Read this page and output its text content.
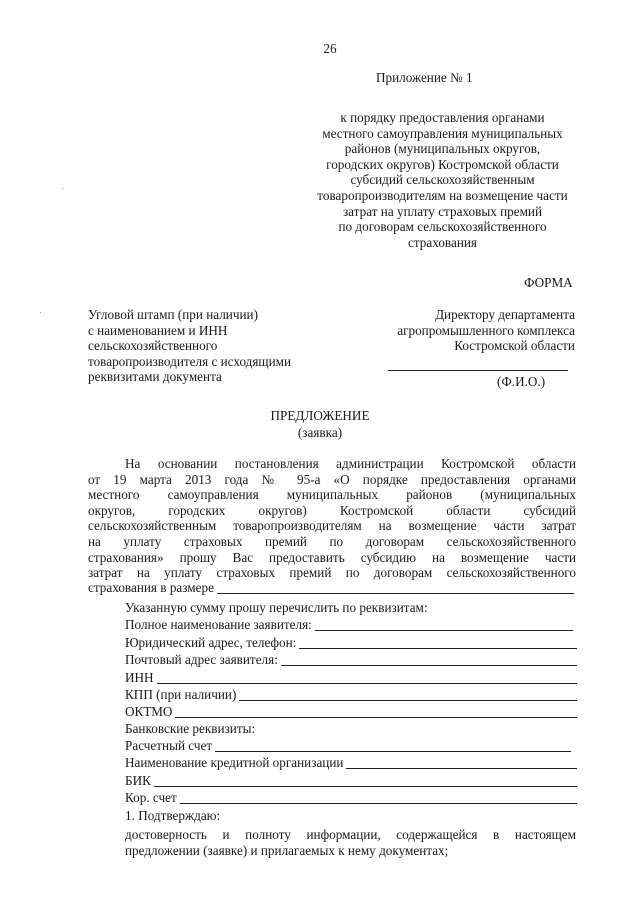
26
Приложение № 1
к порядку предоставления органами
местного самоуправления муниципальных
районов (муниципальных округов,
городских округов) Костромской области
субсидий сельскохозяйственным
товаропроизводителям на возмещение части
затрат на уплату страховых премий
по договорам сельскохозяйственного
страхования
ФОРМА
Угловой штамп (при наличии)
с наименованием и ИНН
сельскохозяйственного
товаропроизводителя с исходящими
реквизитами документа
Директору департамента
агропромышленного комплекса
Костромской области
(Ф.И.О.)
ПРЕДЛОЖЕНИЕ
(заявка)
На основании постановления администрации Костромской области
от 19 марта 2013 года № 95-а «О порядке предоставления органами
местного самоуправления муниципальных районов (муниципальных
округов, городских округов) Костромской области субсидий
сельскохозяйственным товаропроизводителям на возмещение части затрат
на уплату страховых премий по договорам сельскохозяйственного
страхования» прошу Вас предоставить субсидию на возмещение части
затрат на уплату страховых премий по договорам сельскохозяйственного
страхования в размере
Указанную сумму прошу перечислить по реквизитам:
Полное наименование заявителя:
Юридический адрес, телефон:
Почтовый адрес заявителя:
ИНН
КПП (при наличии)
ОКТМО
Банковские реквизиты:
Расчетный счет
Наименование кредитной организации
БИК
Кор. счет
1. Подтверждаю:
достоверность и полноту информации, содержащейся в настоящем
предложении (заявке) и прилагаемых к нему документах;
